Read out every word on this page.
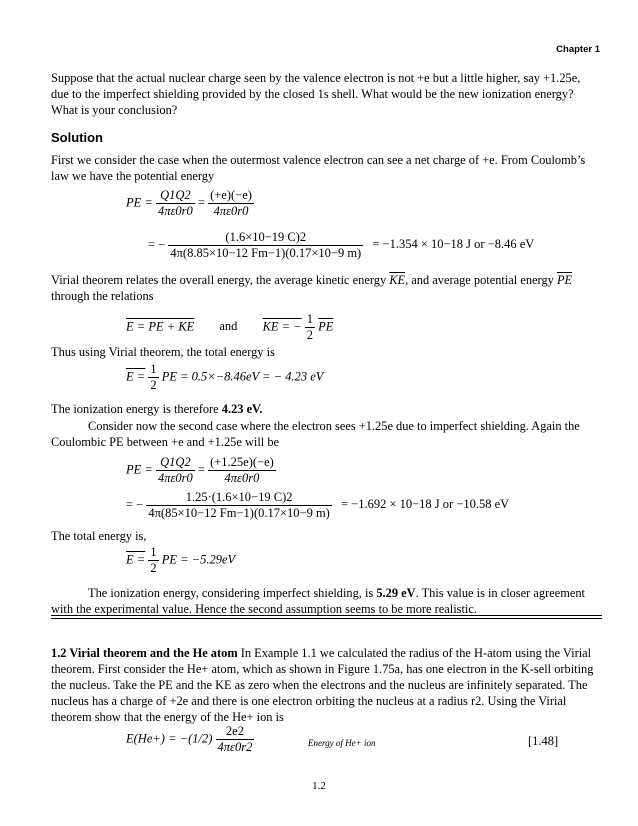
Chapter 1
Suppose that the actual nuclear charge seen by the valence electron is not +e but a little higher, say +1.25e, due to the imperfect shielding provided by the closed 1s shell. What would be the new ionization energy? What is your conclusion?
Solution
First we consider the case when the outermost valence electron can see a net charge of +e. From Coulomb’s law we have the potential energy
PE = $\frac{Q1Q2}{4\pi\varepsilon 0r0} = \frac{(+e)(-e)}{4\pi\varepsilon 0r0}$
= − $\frac{(1.6\times 10-19 C)2}{4\pi(8.85\times 10-12 Fm-1)(0.17\times 10-9 m)} = -1.354 \times 10-18$ J or −8.46 eV
Virial theorem relates the overall energy, the average kinetic energy $\overline{KE}$, and average potential energy $\overline{PE}$ through the relations
E = PE + KE and KE = − $\frac{1}{2} \overline{PE}$
Thus using Virial theorem, the total energy is
$E = \frac{1}{2}$ PE = 0.5×−8.46eV = − 4.23 eV
The ionization energy is therefore 4.23 eV.
Consider now the second case where the electron sees +1.25e due to imperfect shielding. Again the Coulombic PE between +e and +1.25e will be
PE = $\frac{Q1Q2}{4\pi\varepsilon 0r0} = \frac{(+1.25e)(-e)}{4\pi\varepsilon 0r0}$
= − $\frac{1.25\cdot(1.6\times 10-19 C)2}{4\pi(85\times 10-12 Fm-1)(0.17\times 10-9 m)} = -1.692 \times 10-18$ J or −10.58 eV
The total energy is,
$E = \frac{1}{2}$ PE = −5.29eV
The ionization energy, considering imperfect shielding, is 5.29 eV. This value is in closer agreement with the experimental value. Hence the second assumption seems to be more realistic.
1.2 Virial theorem and the He atom In Example 1.1 we calculated the radius of the H-atom using the Virial theorem. First consider the He+ atom, which as shown in Figure 1.75a, has one electron in the K-sell orbiting the nucleus. Take the PE and the KE as zero when the electrons and the nucleus are infinitely separated. The nucleus has a charge of +2e and there is one electron orbiting the nucleus at a radius r2. Using the Virial theorem show that the energy of the He+ ion is
$E(He+) = -(1/2) \frac{2e2}{4\pi\varepsilon 0r2}$	Energy of He+ ion	[1.48]
1.2
